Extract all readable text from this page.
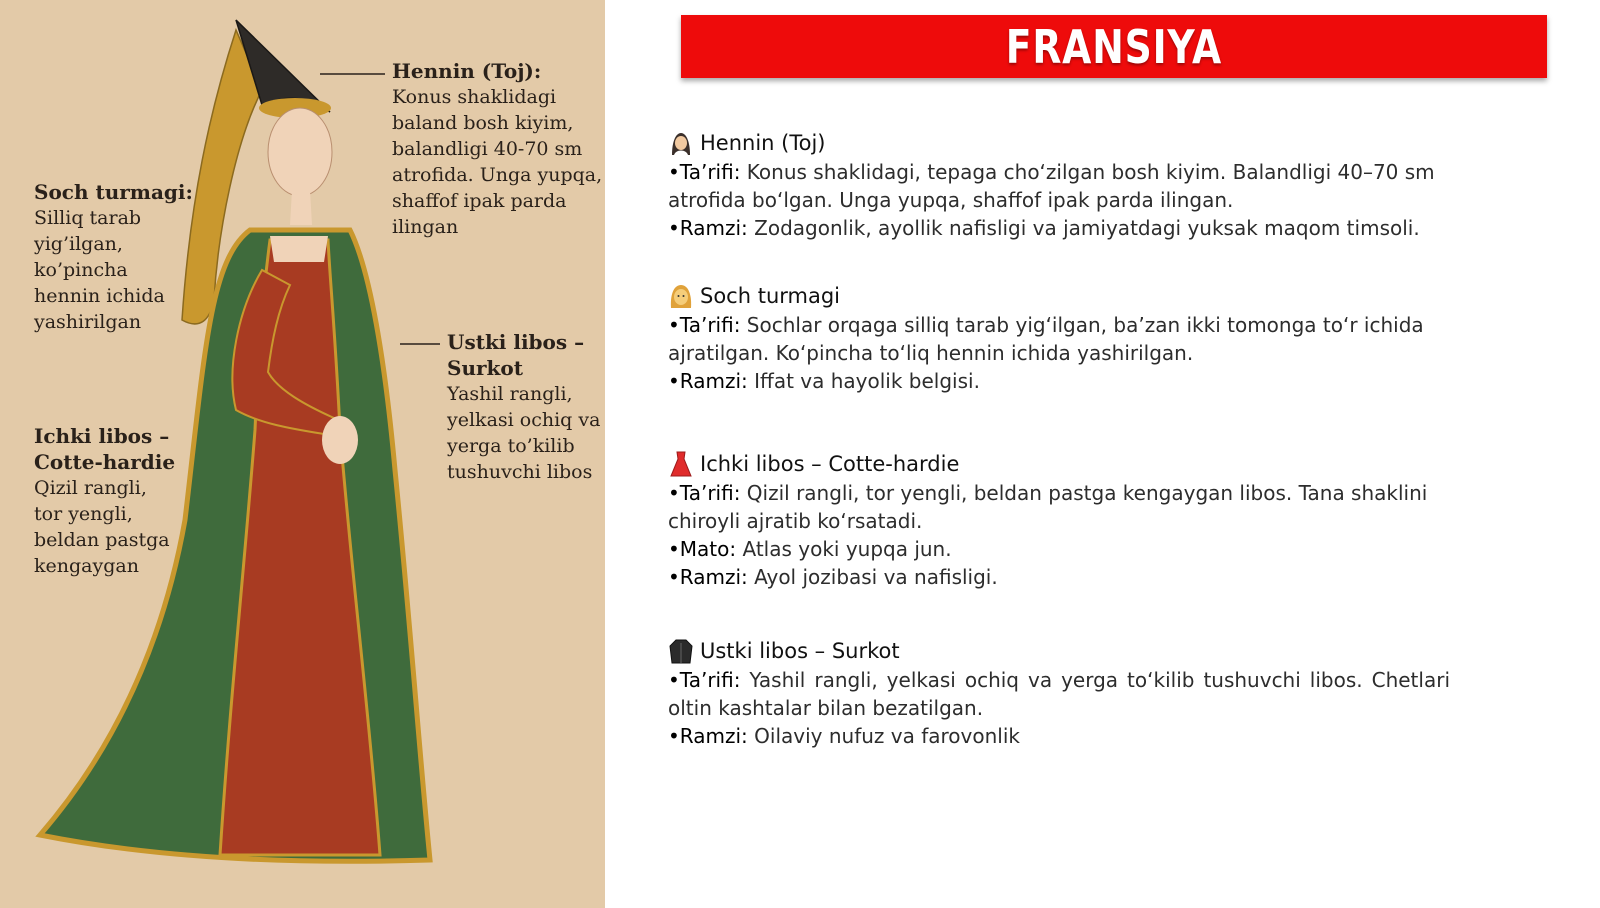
Hennin (Toj):
Konus shaklidagi
baland bosh kiyim,
balandligi 40-70 sm
atrofida. Unga yupqa,
shaffof ipak parda
ilingan
Soch turmagi:
Silliq tarab
yig’ilgan,
ko’pincha
hennin ichida
yashirilgan
Ustki libos –
Surkot
Yashil rangli,
yelkasi ochiq va
yerga to’kilib
tushuvchi libos
Ichki libos –
Cotte-hardie
Qizil rangli,
tor yengli,
beldan pastga
kengaygan
FRANSIYA
Hennin (Toj)

•Ta’rifi: Konus shaklidagi, tepaga cho‘zilgan bosh kiyim. Balandligi 40–70 sm atrofida bo‘lgan. Unga yupqa, shaffof ipak parda ilingan.

•Ramzi: Zodagonlik, ayollik nafisligi va jamiyatdagi yuksak maqom timsoli.

Soch turmagi

•Ta’rifi: Sochlar orqaga silliq tarab yig‘ilgan, ba’zan ikki tomonga to‘r ichida ajratilgan. Ko‘pincha to‘liq hennin ichida yashirilgan.

•Ramzi: Iffat va hayolik belgisi.

Ichki libos – Cotte-hardie

•Ta’rifi: Qizil rangli, tor yengli, beldan pastga kengaygan libos. Tana shaklini chiroyli ajratib ko‘rsatadi.

•Mato: Atlas yoki yupqa jun.

•Ramzi: Ayol jozibasi va nafisligi.

Ustki libos – Surkot

•Ta’rifi: Yashil rangli, yelkasi ochiq va yerga to‘kilib tushuvchi libos. Chetlari oltin kashtalar bilan bezatilgan.

•Ramzi: Oilaviy nufuz va farovonlik
